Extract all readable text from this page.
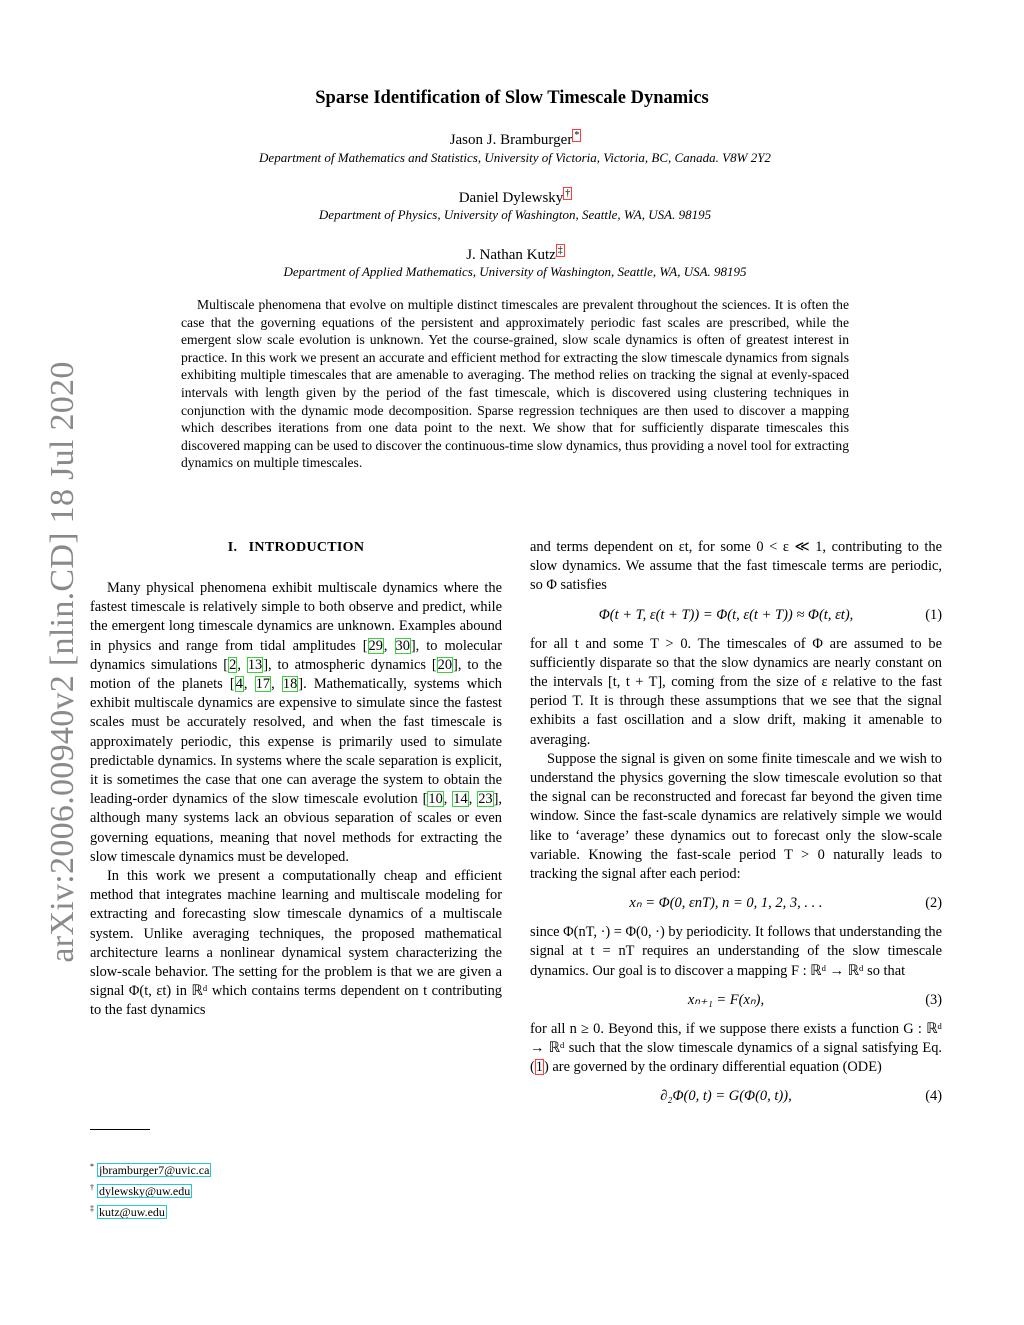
arXiv:2006.00940v2 [nlin.CD] 18 Jul 2020
Sparse Identification of Slow Timescale Dynamics
Jason J. Bramburger *
Department of Mathematics and Statistics, University of Victoria, Victoria, BC, Canada. V8W 2Y2
Daniel Dylewsky †
Department of Physics, University of Washington, Seattle, WA, USA. 98195
J. Nathan Kutz ‡
Department of Applied Mathematics, University of Washington, Seattle, WA, USA. 98195
Multiscale phenomena that evolve on multiple distinct timescales are prevalent throughout the sciences. It is often the case that the governing equations of the persistent and approximately periodic fast scales are prescribed, while the emergent slow scale evolution is unknown. Yet the course-grained, slow scale dynamics is often of greatest interest in practice. In this work we present an accurate and efficient method for extracting the slow timescale dynamics from signals exhibiting multiple timescales that are amenable to averaging. The method relies on tracking the signal at evenly-spaced intervals with length given by the period of the fast timescale, which is discovered using clustering techniques in conjunction with the dynamic mode decomposition. Sparse regression techniques are then used to discover a mapping which describes iterations from one data point to the next. We show that for sufficiently disparate timescales this discovered mapping can be used to discover the continuous-time slow dynamics, thus providing a novel tool for extracting dynamics on multiple timescales.
I. INTRODUCTION

Many physical phenomena exhibit multiscale dynamics where the fastest timescale is relatively simple to both observe and predict, while the emergent long timescale dynamics are unknown. Examples abound in physics and range from tidal amplitudes [29, 30], to molecular dynamics simulations [2, 13], to atmospheric dynamics [20], to the motion of the planets [4, 17, 18]. Mathematically, systems which exhibit multiscale dynamics are expensive to simulate since the fastest scales must be accurately resolved, and when the fast timescale is approximately periodic, this expense is primarily used to simulate predictable dynamics. In systems where the scale separation is explicit, it is sometimes the case that one can average the system to obtain the leading-order dynamics of the slow timescale evolution [10, 14, 23], although many systems lack an obvious separation of scales or even governing equations, meaning that novel methods for extracting the slow timescale dynamics must be developed.

In this work we present a computationally cheap and efficient method that integrates machine learning and multiscale modeling for extracting and forecasting slow timescale dynamics of a multiscale system. Unlike averaging techniques, the proposed mathematical architecture learns a nonlinear dynamical system characterizing the slow-scale behavior. The setting for the problem is that we are given a signal Φ(t, εt) in ℝᵈ which contains terms dependent on t contributing to the fast dynamics

and terms dependent on εt, for some 0 < ε ≪ 1, contributing to the slow dynamics. We assume that the fast timescale terms are periodic, so Φ satisfies

Φ(t + T, ε(t + T)) = Φ(t, ε(t + T)) ≈ Φ(t, εt),	(1)

for all t and some T > 0. The timescales of Φ are assumed to be sufficiently disparate so that the slow dynamics are nearly constant on the intervals [t, t + T], coming from the size of ε relative to the fast period T. It is through these assumptions that we see that the signal exhibits a fast oscillation and a slow drift, making it amenable to averaging.

Suppose the signal is given on some finite timescale and we wish to understand the physics governing the slow timescale evolution so that the signal can be reconstructed and forecast far beyond the given time window. Since the fast-scale dynamics are relatively simple we would like to ‘average’ these dynamics out to forecast only the slow-scale variable. Knowing the fast-scale period T > 0 naturally leads to tracking the signal after each period:

xₙ = Φ(0, εnT), n = 0, 1, 2, 3, . . .	(2)

since Φ(nT, ·) = Φ(0, ·) by periodicity. It follows that understanding the signal at t = nT requires an understanding of the slow timescale dynamics. Our goal is to discover a mapping F : ℝᵈ → ℝᵈ so that

xₙ₊₁ = F(xₙ),	(3)

for all n ≥ 0. Beyond this, if we suppose there exists a function G : ℝᵈ → ℝᵈ such that the slow timescale dynamics of a signal satisfying Eq. (1) are governed by the ordinary differential equation (ODE)

∂₂Φ(0, t) = G(Φ(0, t)),	(4)
* jbramburger7@uvic.ca
† dylewsky@uw.edu
‡ kutz@uw.edu
